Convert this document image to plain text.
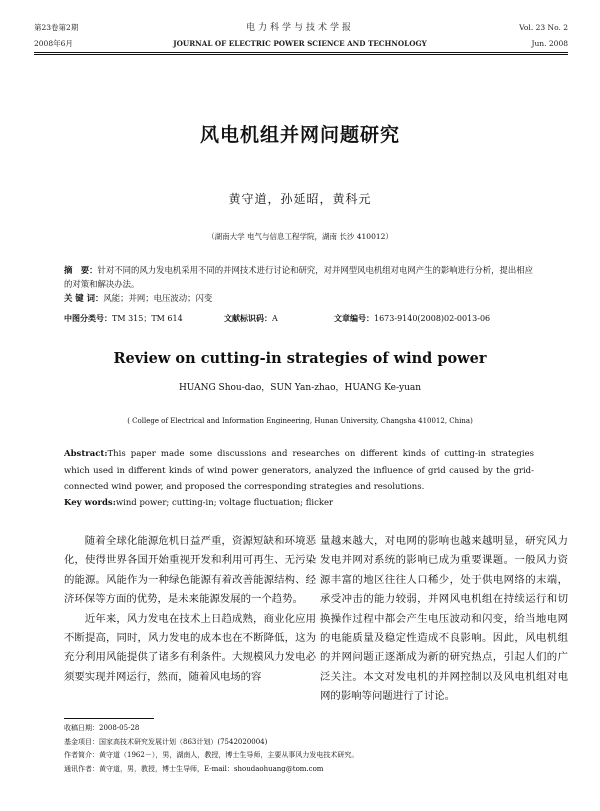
第23卷第2期
2008年6月
电力科学与技术学报
JOURNAL OF ELECTRIC POWER SCIENCE AND TECHNOLOGY
Vol. 23 No. 2
Jun. 2008
风电机组并网问题研究
黄守道，孙延昭，黄科元
（湖南大学 电气与信息工程学院，湖南 长沙 410012）
摘　要：针对不同的风力发电机采用不同的并网技术进行讨论和研究，对并网型风电机组对电网产生的影响进行分析，提出相应的对策和解决办法。
关 键 词：风能；并网；电压波动；闪变
中图分类号：TM 315；TM 614	文献标识码：A	文章编号：1673-9140(2008)02-0013-06
Review on cutting-in strategies of wind power
HUANG Shou-dao，SUN Yan-zhao，HUANG Ke-yuan
( College of Electrical and Information Engineering, Hunan University, Changsha 410012, China)
Abstract:This paper made some discussions and researches on different kinds of cutting-in strategies which used in different kinds of wind power generators, analyzed the influence of grid caused by the grid-connected wind power, and proposed the corresponding strategies and resolutions.
Key words:wind power; cutting-in; voltage fluctuation; flicker

随着全球化能源危机日益严重，资源短缺和环境恶化，使得世界各国开始重视开发和利用可再生、无污染的能源。风能作为一种绿色能源有着改善能源结构、经济环保等方面的优势，是未来能源发展的一个趋势。

近年来，风力发电在技术上日趋成熟，商业化应用不断提高，同时，风力发电的成本也在不断降低，这为充分利用风能提供了诸多有利条件。大规模风力发电必须要实现并网运行，然而，随着风电场的容

量越来越大，对电网的影响也越来越明显，研究风力发电并网对系统的影响已成为重要课题。一般风力资源丰富的地区往往人口稀少，处于供电网络的末端，承受冲击的能力较弱，并网风电机组在持续运行和切换操作过程中都会产生电压波动和闪变，给当地电网的电能质量及稳定性造成不良影响。因此，风电机组的并网问题正逐渐成为新的研究热点，引起人们的广泛关注。本文对发电机的并网控制以及风电机组对电网的影响等问题进行了讨论。

收稿日期：2008-05-28
基金项目：国家高技术研究发展计划（863计划）(7542020004)
作者简介：黄守道（1962－），男，湖南人，教授，博士生导师，主要从事风力发电技术研究。
通讯作者：黄守道，男，教授，博士生导师，E-mail：shoudaohuang@tom.com
